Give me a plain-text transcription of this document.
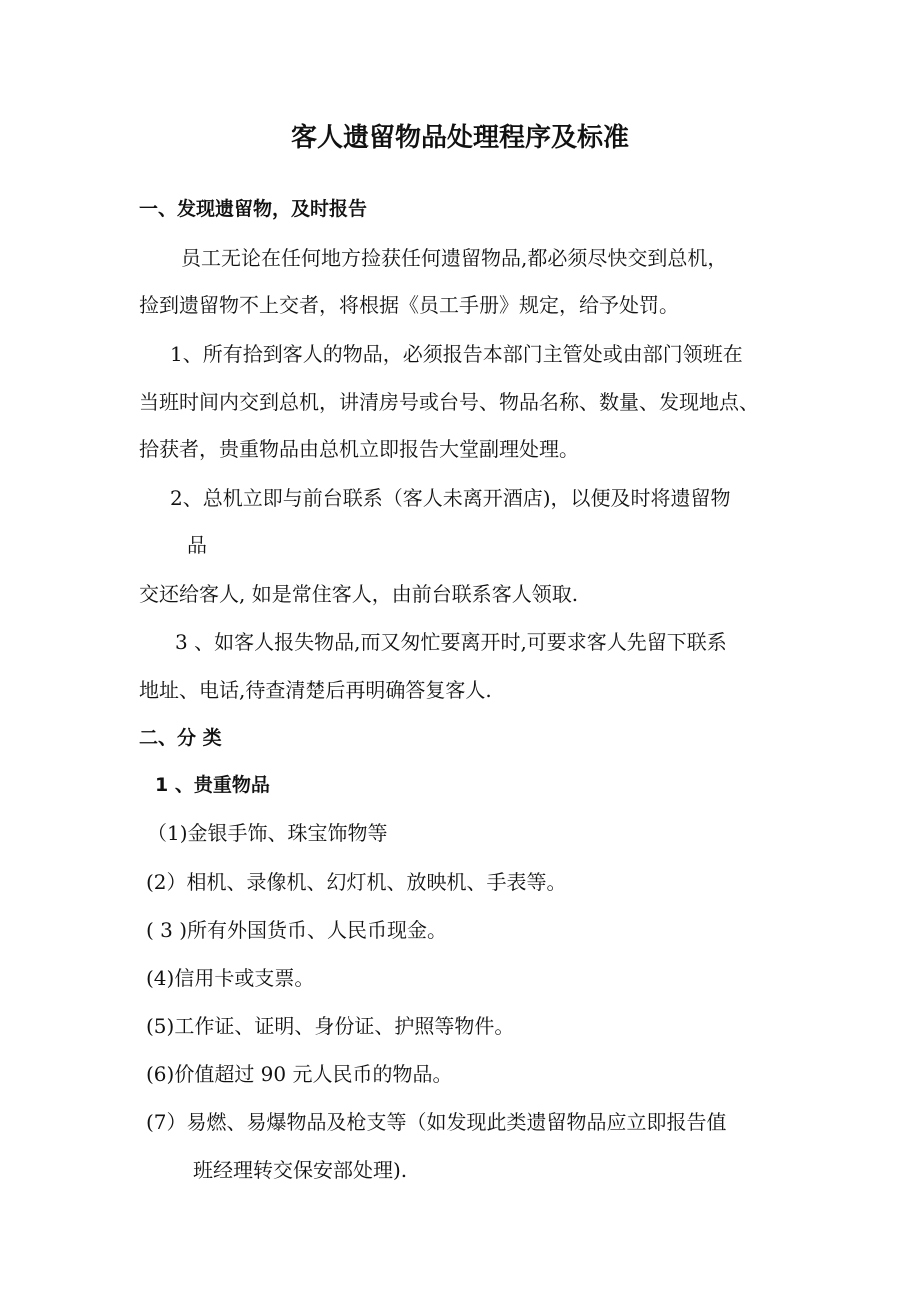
客人遗留物品处理程序及标准
一、发现遗留物，及时报告
员工无论在任何地方捡获任何遗留物品,都必须尽快交到总机，
捡到遗留物不上交者，将根据《员工手册》规定，给予处罚。
1、所有拾到客人的物品，必须报告本部门主管处或由部门领班在
当班时间内交到总机，讲清房号或台号、物品名称、数量、发现地点、
拾获者，贵重物品由总机立即报告大堂副理处理。
2、总机立即与前台联系（客人未离开酒店)，以便及时将遗留物
品
交还给客人, 如是常住客人，由前台联系客人领取.
3 、如客人报失物品,而又匆忙要离开时,可要求客人先留下联系
地址、电话,待查清楚后再明确答复客人.
二、分 类
1 、贵重物品
（1)金银手饰、珠宝饰物等
(2）相机、录像机、幻灯机、放映机、手表等。
( 3 )所有外国货币、人民币现金。
(4)信用卡或支票。
(5)工作证、证明、身份证、护照等物件。
(6)价值超过 90 元人民币的物品。
(7）易燃、易爆物品及枪支等（如发现此类遗留物品应立即报告值
班经理转交保安部处理).
